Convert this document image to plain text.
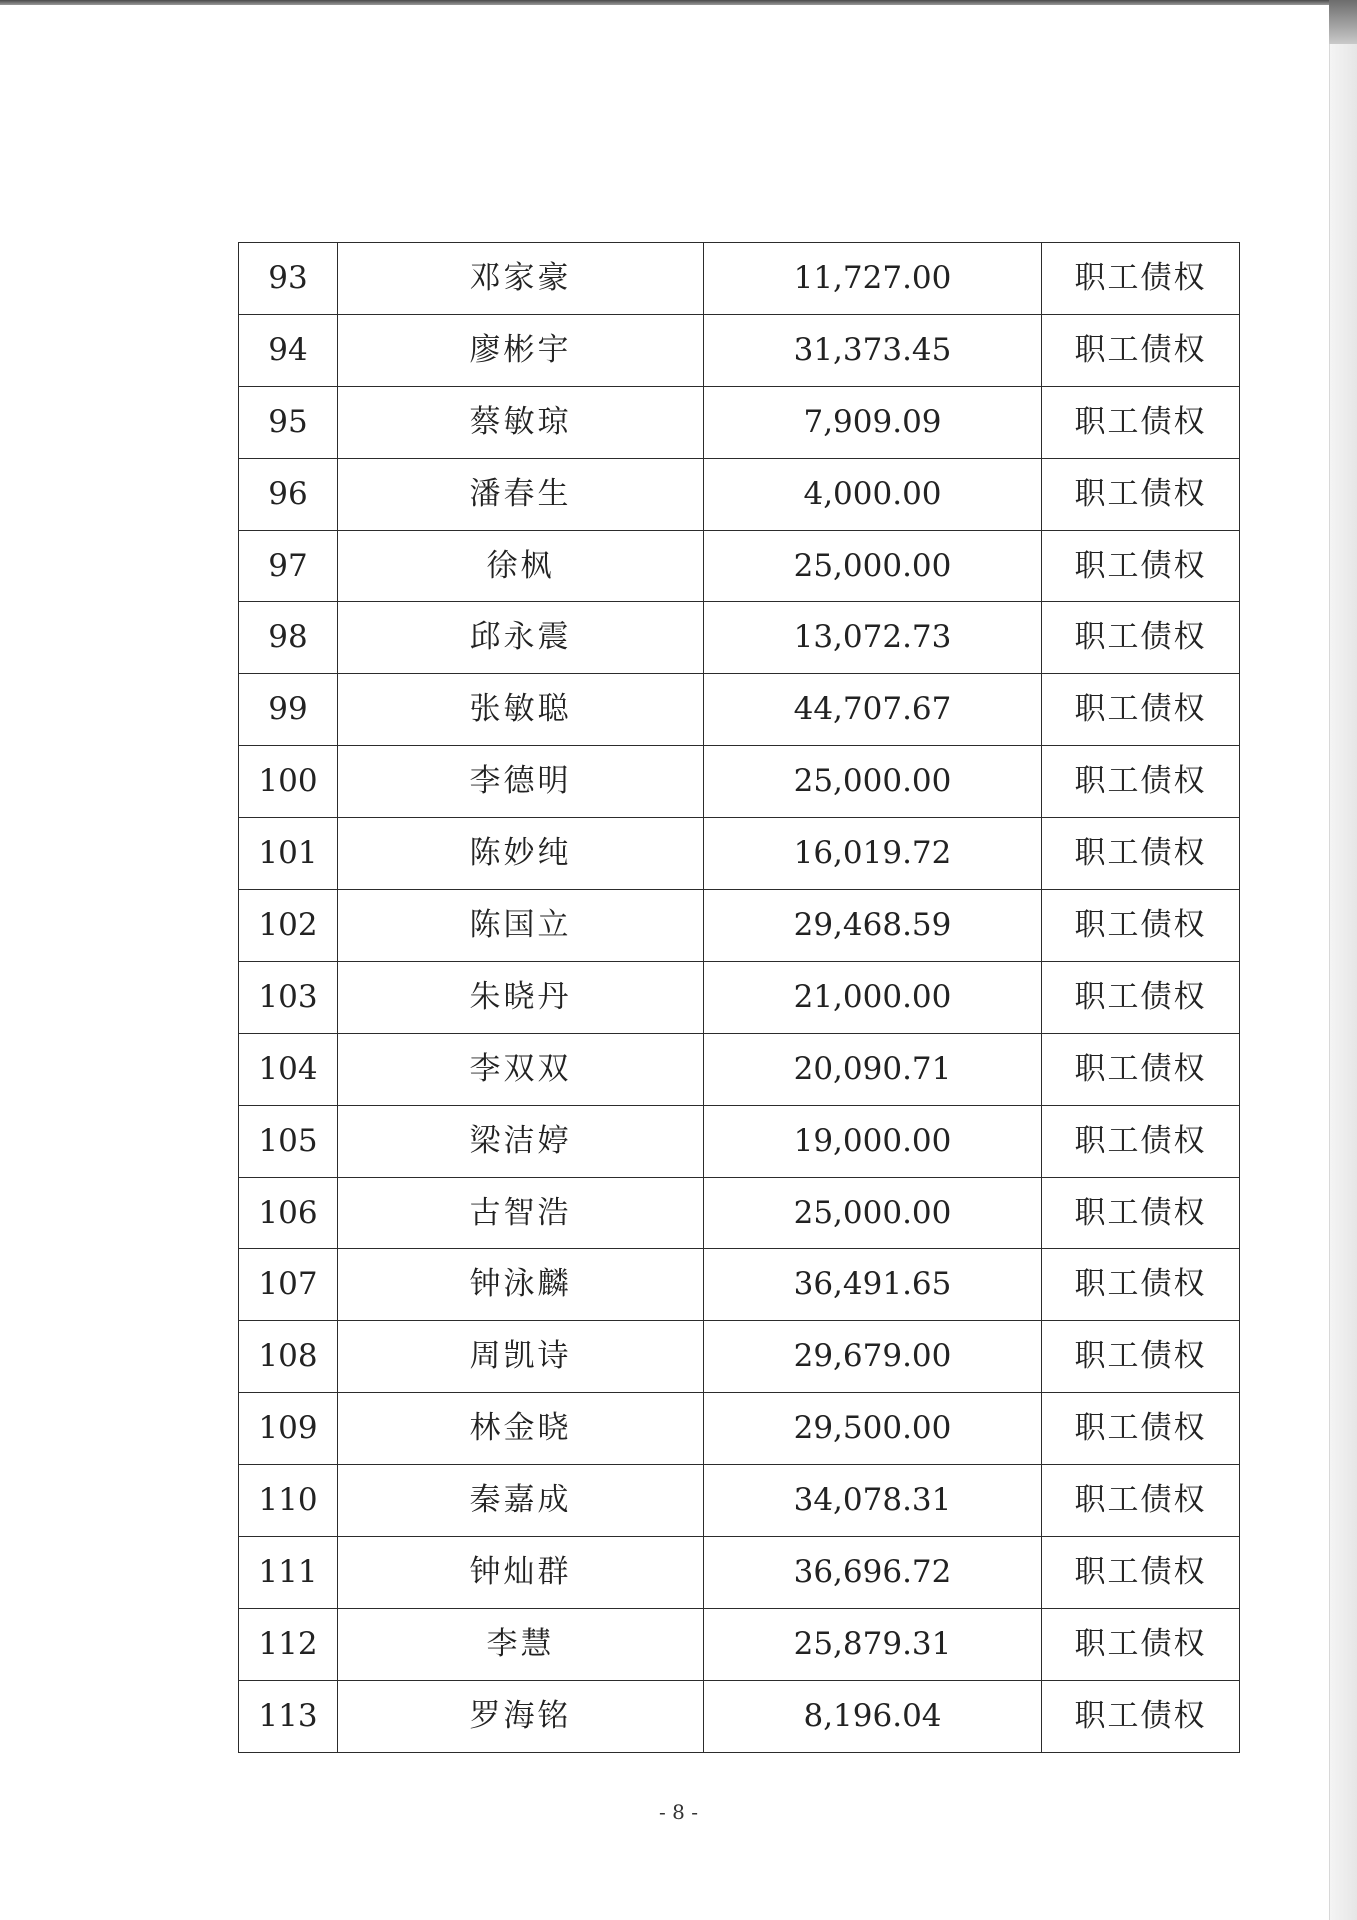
93	邓家豪	11,727.00	职工债权
94	廖彬宇	31,373.45	职工债权
95	蔡敏琼	7,909.09	职工债权
96	潘春生	4,000.00	职工债权
97	徐枫	25,000.00	职工债权
98	邱永震	13,072.73	职工债权
99	张敏聪	44,707.67	职工债权
100	李德明	25,000.00	职工债权
101	陈妙纯	16,019.72	职工债权
102	陈国立	29,468.59	职工债权
103	朱晓丹	21,000.00	职工债权
104	李双双	20,090.71	职工债权
105	梁洁婷	19,000.00	职工债权
106	古智浩	25,000.00	职工债权
107	钟泳麟	36,491.65	职工债权
108	周凯诗	29,679.00	职工债权
109	林金晓	29,500.00	职工债权
110	秦嘉成	34,078.31	职工债权
111	钟灿群	36,696.72	职工债权
112	李慧	25,879.31	职工债权
113	罗海铭	8,196.04	职工债权
- 8 -
